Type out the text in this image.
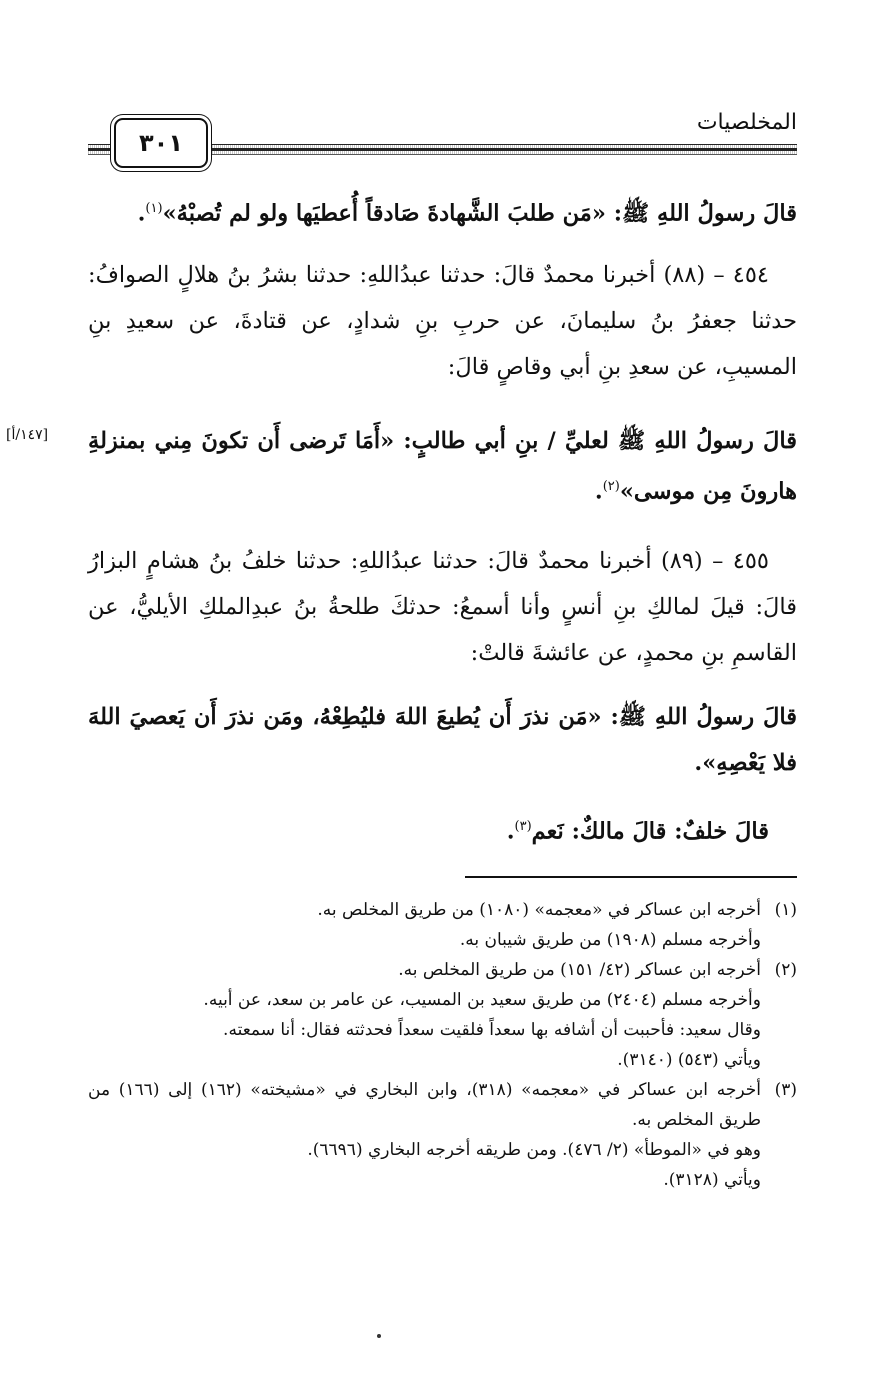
المخلصيات
٣٠١
قالَ رسولُ اللهِ ﷺ: «مَن طلبَ الشَّهادةَ صَادقاً أُعطيَها ولو لم تُصبْهُ»$^{(١)}$.
٤٥٤ – (٨٨) أخبرنا محمدٌ قالَ: حدثنا عبدُاللهِ: حدثنا بشرُ بنُ هلالٍ الصوافُ: حدثنا جعفرُ بنُ سليمانَ، عن حربِ بنِ شدادٍ، عن قتادةَ، عن سعيدِ بنِ المسيبِ، عن سعدِ بنِ أبي وقاصٍ قالَ:
[١٤٧/أ] قالَ رسولُ اللهِ ﷺ لعليِّ / بنِ أبي طالبٍ: «أَمَا تَرضى أَن تكونَ مِني بمنزلةِ هارونَ مِن موسى»$^{(٢)}$.
٤٥٥ – (٨٩) أخبرنا محمدٌ قالَ: حدثنا عبدُاللهِ: حدثنا خلفُ بنُ هشامٍ البزارُ قالَ: قيلَ لمالكِ بنِ أنسٍ وأنا أسمعُ: حدثكَ طلحةُ بنُ عبدِالملكِ الأيليُّ، عن القاسمِ بنِ محمدٍ، عن عائشةَ قالتْ:
قالَ رسولُ اللهِ ﷺ: «مَن نذرَ أَن يُطيعَ اللهَ فليُطِعْهُ، ومَن نذرَ أَن يَعصيَ اللهَ فلا يَعْصِهِ».
قالَ خلفٌ: قالَ مالكٌ: نَعم$^{(٣)}$.
(١)
أخرجه ابن عساكر في «معجمه» (١٠٨٠) من طريق المخلص به.
وأخرجه مسلم (١٩٠٨) من طريق شيبان به.
(٢)
أخرجه ابن عساكر (٤٢/ ١٥١) من طريق المخلص به.
وأخرجه مسلم (٢٤٠٤) من طريق سعيد بن المسيب، عن عامر بن سعد، عن أبيه.
وقال سعيد: فأحببت أن أشافه بها سعداً فلقيت سعداً فحدثته فقال: أنا سمعته.
ويأتي (٥٤٣) (٣١٤٠).
(٣)
أخرجه ابن عساكر في «معجمه» (٣١٨)، وابن البخاري في «مشيخته» (١٦٢) إلى (١٦٦) من طريق المخلص به.
وهو في «الموطأ» (٢/ ٤٧٦). ومن طريقه أخرجه البخاري (٦٦٩٦).
ويأتي (٣١٢٨).
